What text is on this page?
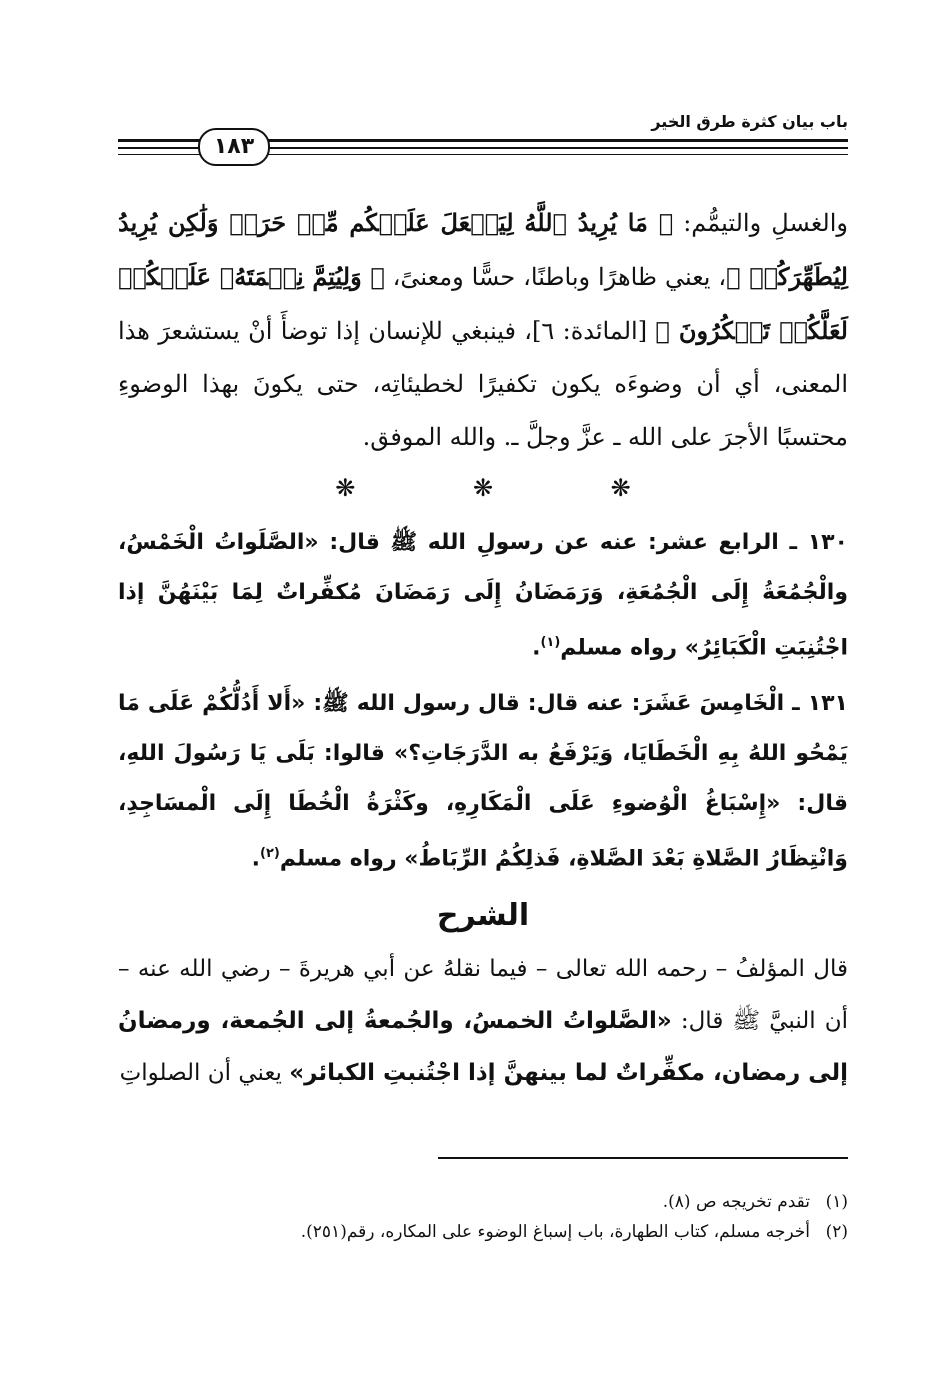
باب بيان كثرة طرق الخير
١٨٣

والغسلِ والتيمُّم: ﴿ مَا يُرِيدُ ٱللَّهُ لِيَجۡعَلَ عَلَيۡكُم مِّنۡ حَرَجٖ وَلَٰكِن يُرِيدُ لِيُطَهِّرَكُمۡ ﴾، يعني ظاهرًا وباطنًا، حسًّا ومعنىً، ﴿ وَلِيُتِمَّ نِعۡمَتَهُۥ عَلَيۡكُمۡ لَعَلَّكُمۡ تَشۡكُرُونَ ﴾ [المائدة: ٦]، فينبغي للإنسان إذا توضأَ أنْ يستشعرَ هذا المعنى، أي أن وضوءَه يكون تكفيرًا لخطيئاتِه، حتى يكونَ بهذا الوضوءِ محتسبًا الأجرَ على الله ـ عزَّ وجلَّ ـ. والله الموفق.

❋ ❋ ❋

١٣٠ ـ الرابع عشر: عنه عن رسولِ الله ﷺ قال: «الصَّلَواتُ الْخَمْسُ، والْجُمُعَةُ إِلَى الْجُمُعَةِ، وَرَمَضَانُ إِلَى رَمَضَانَ مُكفِّراتٌ لِمَا بَيْنَهُنَّ إذا اجْتُنِبَتِ الْكَبَائِرُ» رواه مسلم$^{(١)}$.

١٣١ ـ الْخَامِسَ عَشَرَ: عنه قال: قال رسول الله ﷺ: «أَلا أَدُلُّكُمْ عَلَى مَا يَمْحُو اللهُ بِهِ الْخَطَايَا، وَيَرْفَعُ به الدَّرَجَاتِ؟» قالوا: بَلَى يَا رَسُولَ اللهِ، قال: «إِسْبَاغُ الْوُضوءِ عَلَى الْمَكَارِهِ، وكَثْرَةُ الْخُطَا إِلَى الْمسَاجِدِ، وَانْتِظَارُ الصَّلاةِ بَعْدَ الصَّلاةِ، فَذلِكُمُ الرِّبَاطُ» رواه مسلم$^{(٢)}$.

الشرح

قال المؤلفُ – رحمه الله تعالى – فيما نقلهُ عن أبي هريرةَ – رضي الله عنه – أن النبيَّ ﷺ قال: «الصَّلواتُ الخمسُ، والجُمعةُ إلى الجُمعة، ورمضانُ إلى رمضان، مكفِّراتٌ لما بينهنَّ إذا اجْتُنبتِ الكبائر» يعني أن الصلواتِ

(١)تقدم تخريجه ص (٨).

(٢)أخرجه مسلم، كتاب الطهارة، باب إسباغ الوضوء على المكاره، رقم(٢٥١).
